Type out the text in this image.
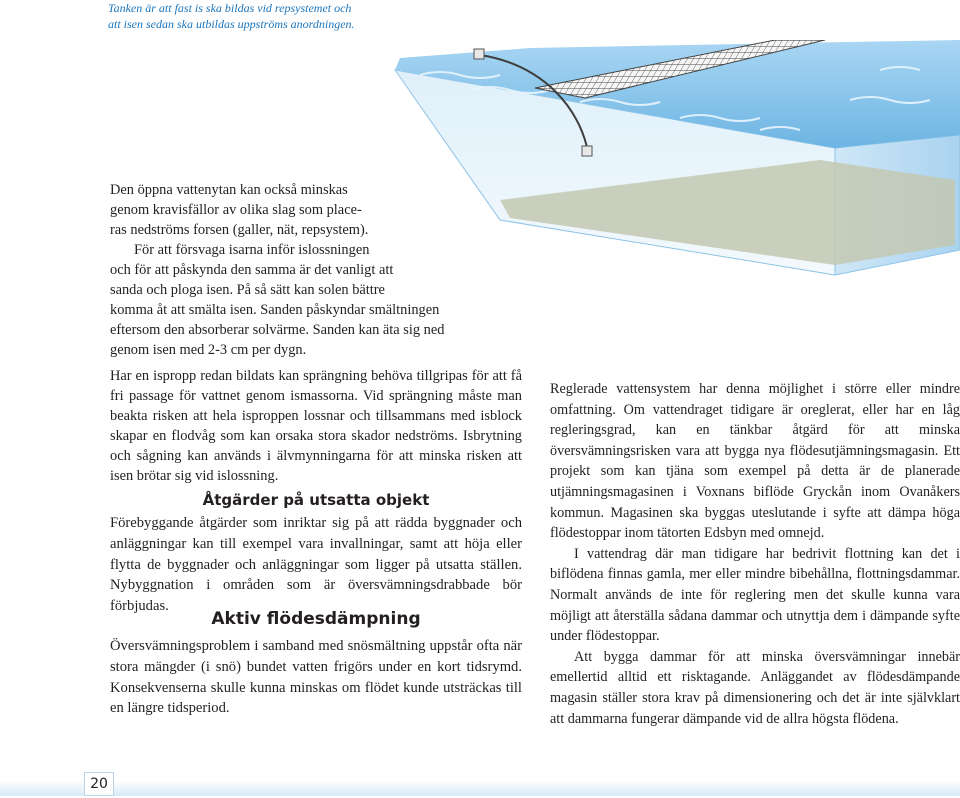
Tanken är att fast is ska bildas vid repsystemet och
att isen sedan ska utbildas uppströms anordningen.

Den öppna vattenytan kan också minskas

genom kravisfällor av olika slag som place-

ras nedströms forsen (galler, nät, repsystem).

För att försvaga isarna inför islossningen

och för att påskynda den samma är det vanligt att

sanda och ploga isen. På så sätt kan solen bättre

komma åt att smälta isen. Sanden påskyndar smältningen

eftersom den absorberar solvärme. Sanden kan äta sig ned

genom isen med 2-3 cm per dygn.

Har en ispropp redan bildats kan sprängning behöva tillgripas för att få fri passage för vattnet genom ismassorna. Vid sprängning måste man beakta risken att hela isproppen lossnar och tillsammans med isblock skapar en flodvåg som kan orsaka stora skador nedströms. Isbrytning och sågning kan används i älvmynningarna för att minska risken att isen brötar sig vid islossning.

Åtgärder på utsatta objekt

Förebyggande åtgärder som inriktar sig på att rädda byggnader och anläggningar kan till exempel vara invallningar, samt att höja eller flytta de byggnader och anläggningar som ligger på utsatta ställen. Nybyggnation i områden som är översvämningsdrabbade bör förbjudas.

Aktiv flödesdämpning

Översvämningsproblem i samband med snösmältning uppstår ofta när stora mängder (i snö) bundet vatten frigörs under en kort tidsrymd. Konsekvenserna skulle kunna minskas om flödet kunde utsträckas till en längre tidsperiod.

Reglerade vattensystem har denna möjlighet i större eller mindre omfattning. Om vattendraget tidigare är oreglerat, eller har en låg regleringsgrad, kan en tänkbar åtgärd för att minska översvämningsrisken vara att bygga nya flödesutjämningsmagasin. Ett projekt som kan tjäna som exempel på detta är de planerade utjämningsmagasinen i Voxnans biflöde Gryckån inom Ovanåkers kommun. Magasinen ska byggas uteslutande i syfte att dämpa höga flödestoppar inom tätorten Edsbyn med omnejd.

I vattendrag där man tidigare har bedrivit flottning kan det i biflödena finnas gamla, mer eller mindre bibehållna, flottningsdammar. Normalt används de inte för reglering men det skulle kunna vara möjligt att återställa sådana dammar och utnyttja dem i dämpande syfte under flödestoppar.

Att bygga dammar för att minska översvämningar innebär emellertid alltid ett risktagande. Anläggandet av flödesdämpande magasin ställer stora krav på dimensionering och det är inte självklart att dammarna fungerar dämpande vid de allra högsta flödena.

20
